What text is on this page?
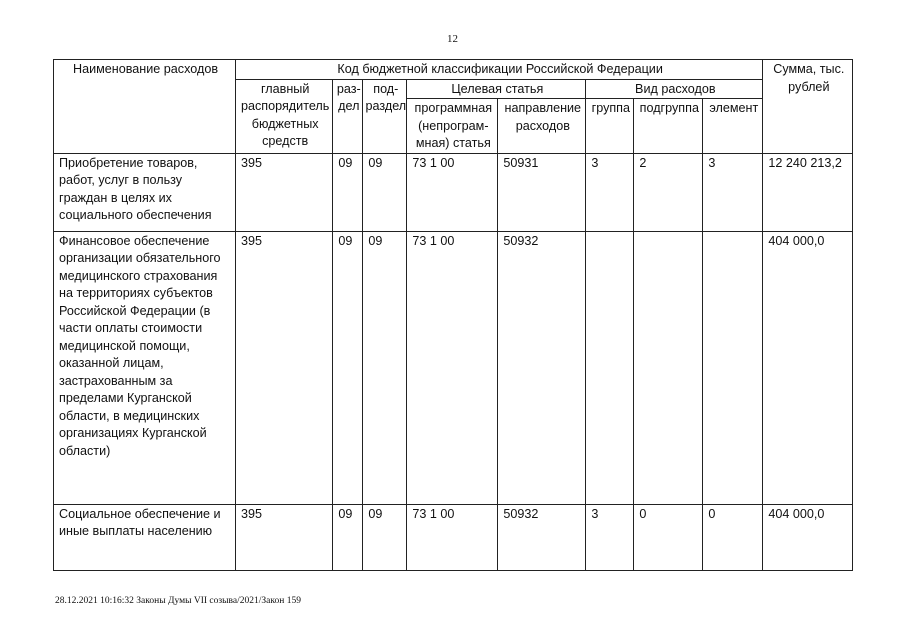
12
Наименование расходов	Код бюджетной классификации Российской Федерации								Сумма, тыс. рублей
	главный распорядитель бюджетных средств	раз-дел	под-раздел	Целевая статья		Вид расходов			
				программная (непрограм-мная) статья	направление расходов	группа	подгруппа	элемент	
Приобретение товаров, работ, услуг в пользу граждан в целях их социального обеспечения	395	09	09	73 1 00	50931	3	2	3	12 240 213,2
Финансовое обеспечение организации обязательного медицинского страхования на территориях субъектов Российской Федерации (в части оплаты стоимости медицинской помощи, оказанной лицам, застрахованным за пределами Курганской области, в медицинских организациях Курганской области)	395	09	09	73 1 00	50932				404 000,0
Социальное обеспечение и иные выплаты населению	395	09	09	73 1 00	50932	3	0	0	404 000,0
28.12.2021 10:16:32 Законы Думы VII созыва/2021/Закон 159
